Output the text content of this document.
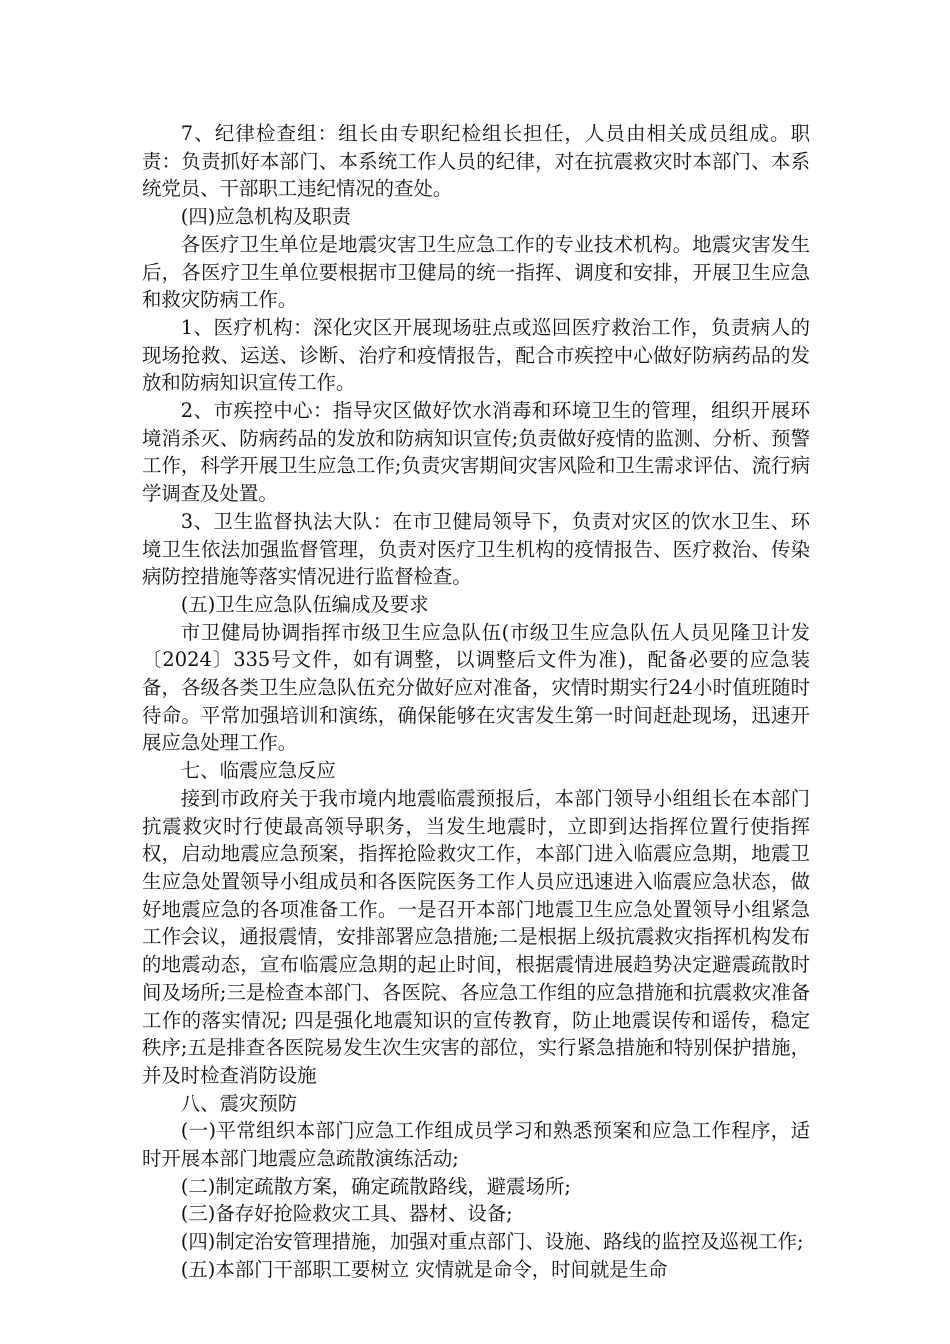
7、纪律检查组：组长由专职纪检组长担任，人员由相关成员组成。职责：负责抓好本部门、本系统工作人员的纪律，对在抗震救灾时本部门、本系统党员、干部职工违纪情况的查处。

(四)应急机构及职责

各医疗卫生单位是地震灾害卫生应急工作的专业技术机构。地震灾害发生后，各医疗卫生单位要根据市卫健局的统一指挥、调度和安排，开展卫生应急和救灾防病工作。

1、医疗机构：深化灾区开展现场驻点或巡回医疗救治工作，负责病人的现场抢救、运送、诊断、治疗和疫情报告，配合市疾控中心做好防病药品的发放和防病知识宣传工作。

2、市疾控中心：指导灾区做好饮水消毒和环境卫生的管理，组织开展环境消杀灭、防病药品的发放和防病知识宣传;负责做好疫情的监测、分析、预警工作，科学开展卫生应急工作;负责灾害期间灾害风险和卫生需求评估、流行病学调查及处置。

3、卫生监督执法大队：在市卫健局领导下，负责对灾区的饮水卫生、环境卫生依法加强监督管理，负责对医疗卫生机构的疫情报告、医疗救治、传染病防控措施等落实情况进行监督检查。

(五)卫生应急队伍编成及要求

市卫健局协调指挥市级卫生应急队伍(市级卫生应急队伍人员见隆卫计发〔2024〕335号文件，如有调整，以调整后文件为准)，配备必要的应急装备，各级各类卫生应急队伍充分做好应对准备，灾情时期实行24小时值班随时待命。平常加强培训和演练，确保能够在灾害发生第一时间赶赴现场，迅速开展应急处理工作。

七、临震应急反应

接到市政府关于我市境内地震临震预报后，本部门领导小组组长在本部门抗震救灾时行使最高领导职务，当发生地震时，立即到达指挥位置行使指挥权，启动地震应急预案，指挥抢险救灾工作，本部门进入临震应急期，地震卫生应急处置领导小组成员和各医院医务工作人员应迅速进入临震应急状态，做好地震应急的各项准备工作。一是召开本部门地震卫生应急处置领导小组紧急工作会议，通报震情，安排部署应急措施;二是根据上级抗震救灾指挥机构发布的地震动态，宣布临震应急期的起止时间，根据震情进展趋势决定避震疏散时间及场所;三是检查本部门、各医院、各应急工作组的应急措施和抗震救灾准备工作的落实情况; 四是强化地震知识的宣传教育，防止地震误传和谣传，稳定秩序;五是排查各医院易发生次生灾害的部位，实行紧急措施和特别保护措施，并及时检查消防设施

八、震灾预防

(一)平常组织本部门应急工作组成员学习和熟悉预案和应急工作程序，适时开展本部门地震应急疏散演练活动;

(二)制定疏散方案，确定疏散路线，避震场所;

(三)备存好抢险救灾工具、器材、设备;

(四)制定治安管理措施，加强对重点部门、设施、路线的监控及巡视工作;

(五)本部门干部职工要树立 灾情就是命令，时间就是生命
